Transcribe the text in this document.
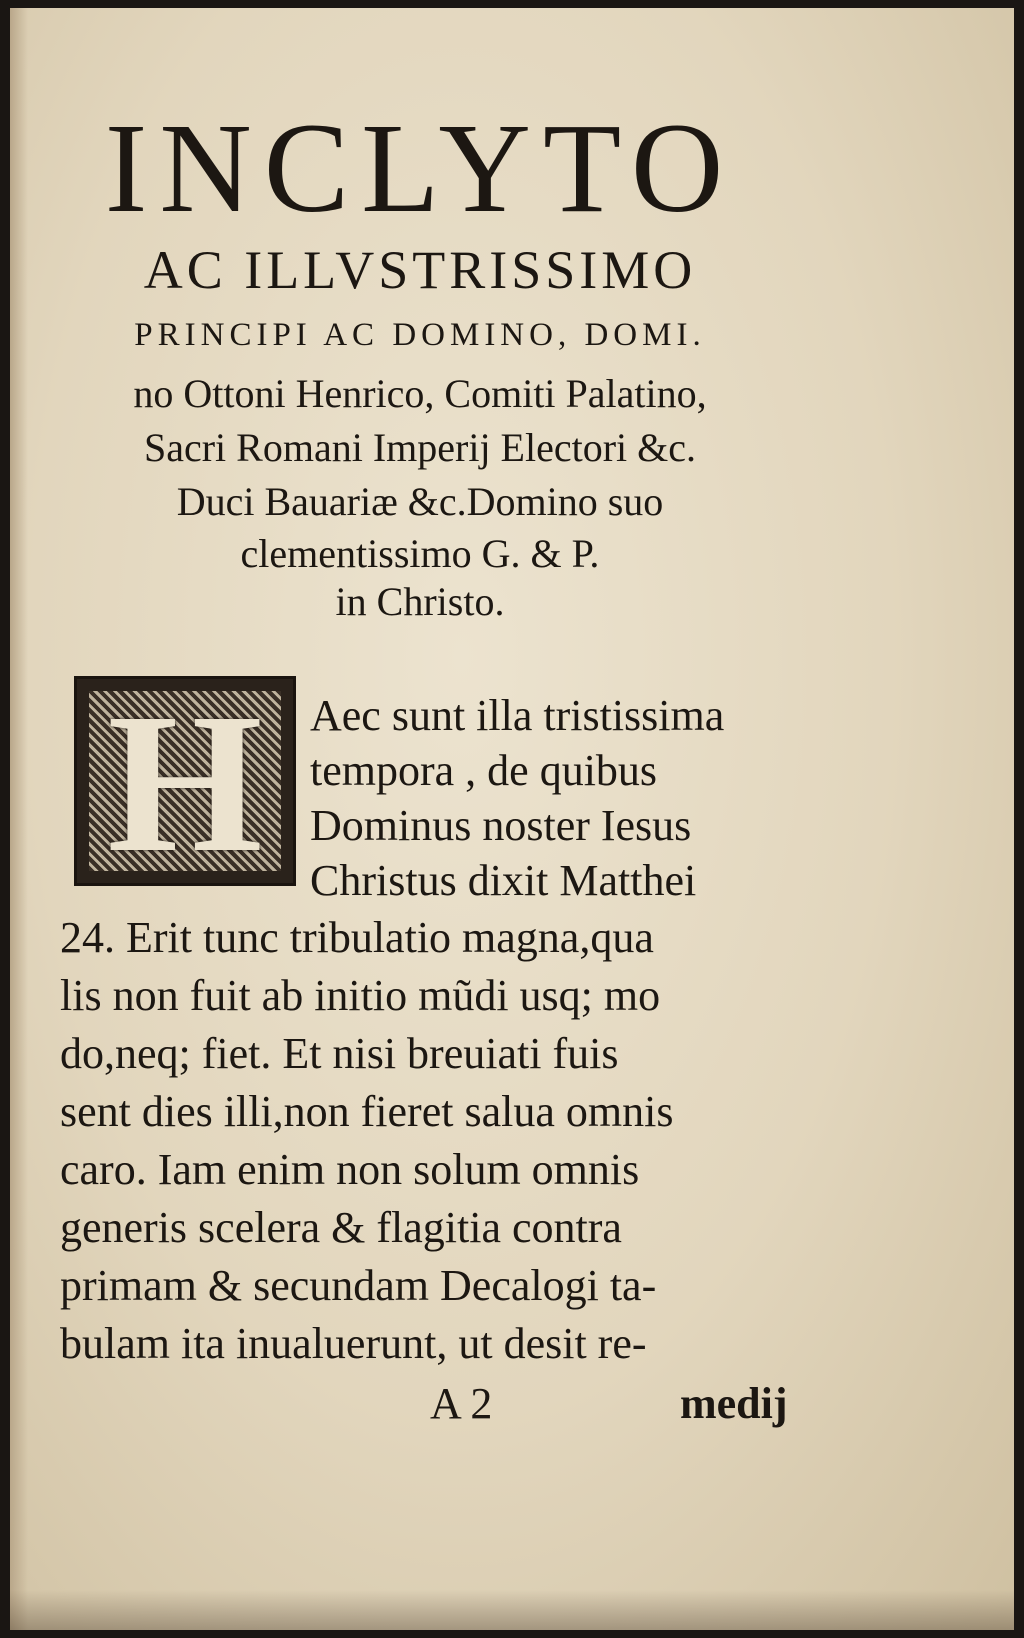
INCLYTO
AC ILLVSTRISSIMO
PRINCIPI AC DOMINO, DOMI.
no Ottoni Henrico, Comiti Palatino,
Sacri Romani Imperij Electori &c.
Duci Bauariæ &c.Domino suo
clementissimo G. & P.
in Christo.
H	Aec sunt illa tristissima
tempora , de quibus
Dominus noster Iesus
Christus dixit Matthei
24. Erit tunc tribulatio magna,qua
lis non fuit ab initio mũdi usq; mo
do,neq; fiet. Et nisi breuiati fuis
sent dies illi,non fieret salua omnis
caro. Iam enim non solum omnis
generis scelera & flagitia contra
primam & secundam Decalogi ta-
bulam ita inualuerunt, ut desit re-
A 2	medij
